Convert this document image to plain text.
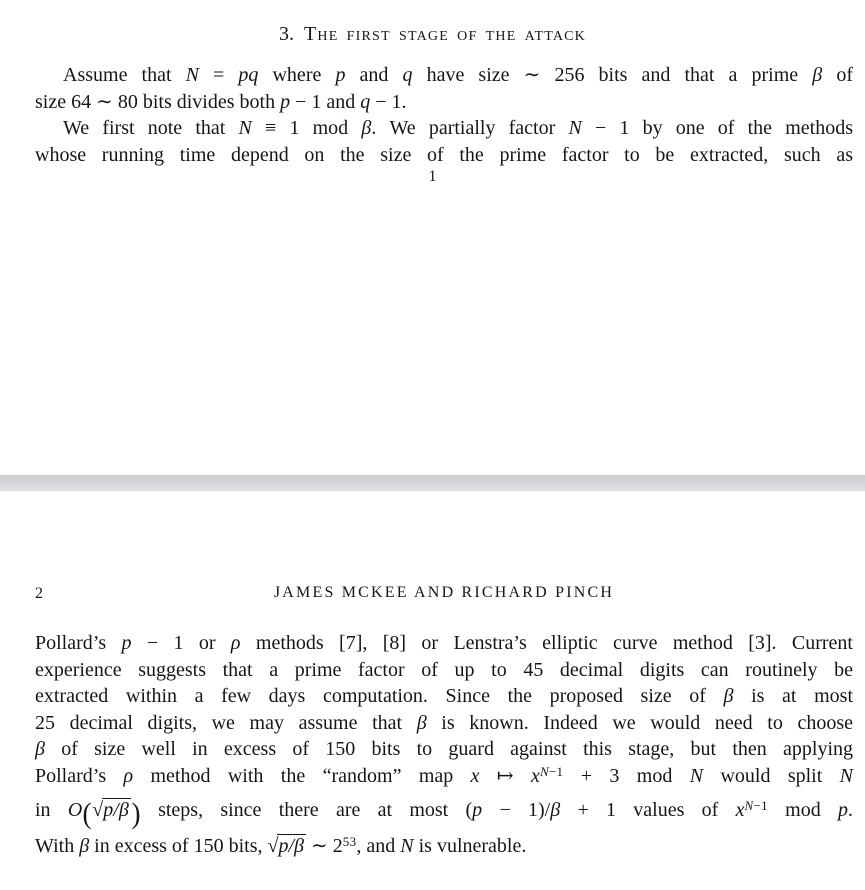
3. The first stage of the attack
Assume that N = pq where p and q have size ∼ 256 bits and that a prime β of
size 64 ∼ 80 bits divides both p − 1 and q − 1.
We first note that N ≡ 1 mod β. We partially factor N − 1 by one of the methods
whose running time depend on the size of the prime factor to be extracted, such as
1
2	JAMES MCKEE AND RICHARD PINCH
Pollard’s p − 1 or ρ methods [7], [8] or Lenstra’s elliptic curve method [3]. Current
experience suggests that a prime factor of up to 45 decimal digits can routinely be
extracted within a few days computation. Since the proposed size of β is at most
25 decimal digits, we may assume that β is known. Indeed we would need to choose
β of size well in excess of 150 bits to guard against this stage, but then applying
Pollard’s ρ method with the “random” map x ↦ $x^{N-1} + 3$ mod N would split N
in O(√p/β) steps, since there are at most (p − 1)/β + 1 values of $x^{N-1}$ mod p.
With β in excess of 150 bits, √p/β ∼ $2^{53}$, and N is vulnerable.
